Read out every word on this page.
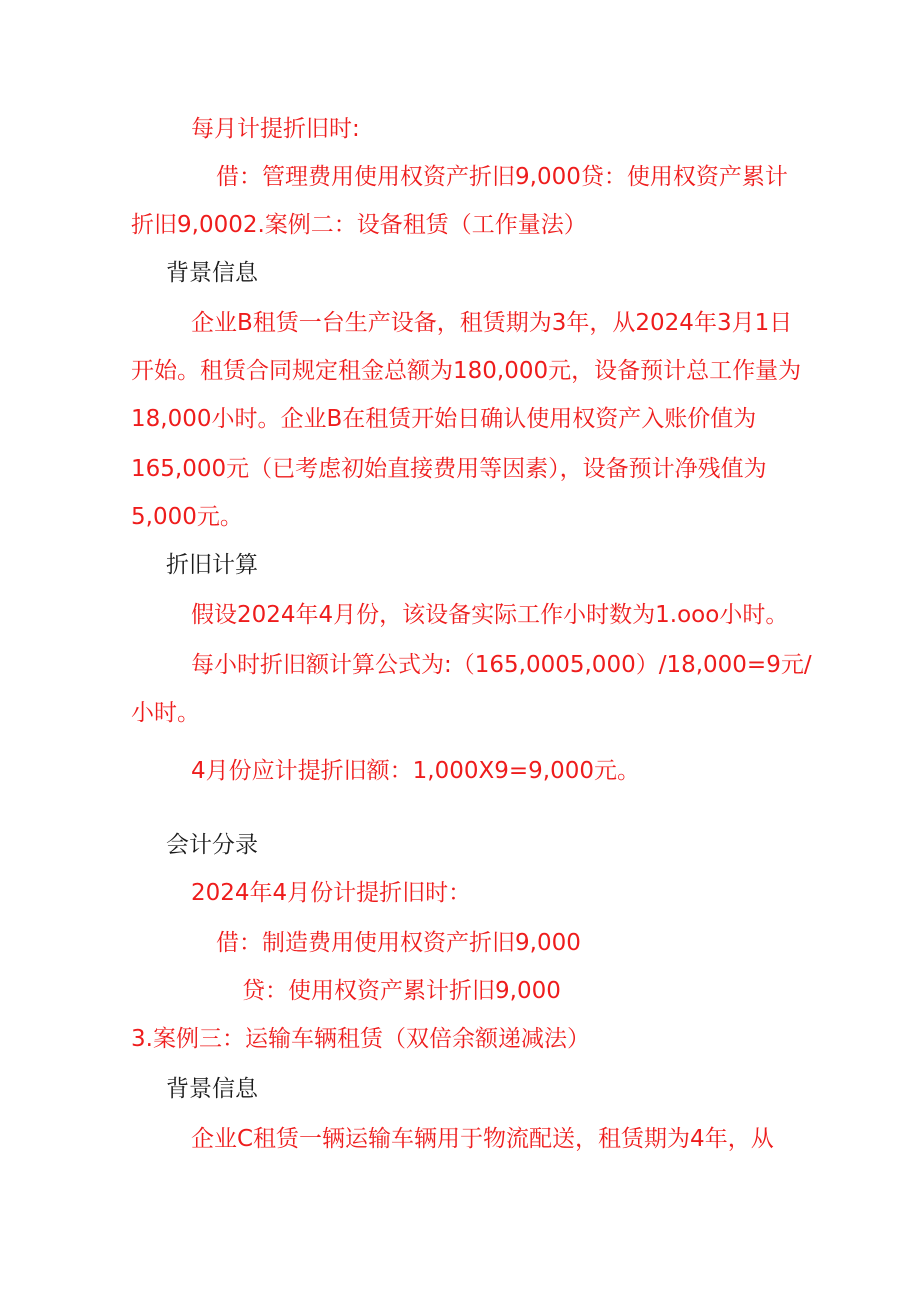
每月计提折旧时:
借：管理费用使用权资产折旧9,000贷：使用权资产累计
折旧9,0002.案例二：设备租赁（工作量法）
背景信息
企业B租赁一台生产设备，租赁期为3年，从2024年3月1日
开始。租赁合同规定租金总额为180,000元，设备预计总工作量为
18,000小时。企业B在租赁开始日确认使用权资产入账价值为
165,000元（已考虑初始直接费用等因素），设备预计净残值为
5,000元。
折旧计算
假设2024年4月份，该设备实际工作小时数为1.ooo小时。
每小时折旧额计算公式为:（165,0005,000）/18,000=9元/
小时。
4月份应计提折旧额：1,000X9=9,000元。
会计分录
2024年4月份计提折旧时：
借：制造费用使用权资产折旧9,000
贷：使用权资产累计折旧9,000
3.案例三：运输车辆租赁（双倍余额递减法）
背景信息
企业C租赁一辆运输车辆用于物流配送，租赁期为4年，从
